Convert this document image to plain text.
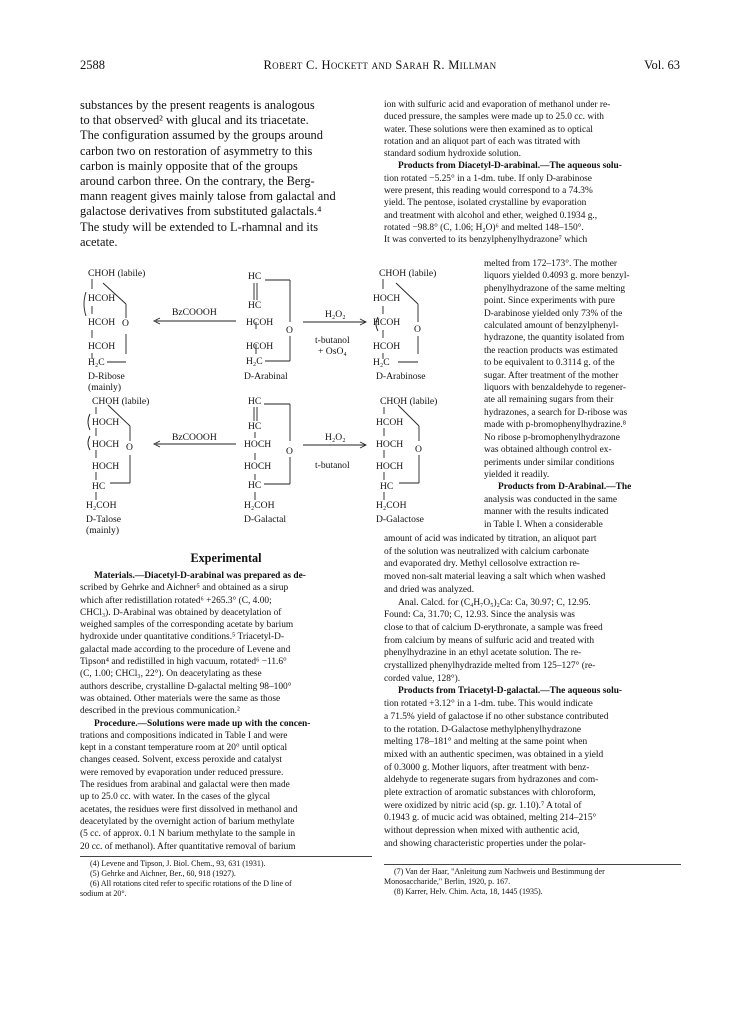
2588	Robert C. Hockett and Sarah R. Millman	Vol. 63
substances by the present reagents is analogous
to that observed² with glucal and its triacetate.
The configuration assumed by the groups around
carbon two on restoration of asymmetry to this
carbon is mainly opposite that of the groups
around carbon three. On the contrary, the Berg-
mann reagent gives mainly talose from galactal and
galactose derivatives from substituted galactals.⁴
The study will be extended to L-rhamnal and its
acetate.
ion with sulfuric acid and evaporation of methanol under re-
duced pressure, the samples were made up to 25.0 cc. with
water. These solutions were then examined as to optical
rotation and an aliquot part of each was titrated with
standard sodium hydroxide solution.
Products from Diacetyl-D-arabinal.—The aqueous solu-
tion rotated −5.25° in a 1-dm. tube. If only D-arabinose
were present, this reading would correspond to a 74.3%
yield. The pentose, isolated crystalline by evaporation
and treatment with alcohol and ether, weighed 0.1934 g.,
rotated −98.8° (C, 1.06; H₂O)⁶ and melted 148–150°.
It was converted to its benzylphenylhydrazone⁷ which
melted from 172–173°. The mother
liquors yielded 0.4093 g. more benzyl-
phenylhydrazone of the same melting
point. Since experiments with pure
D-arabinose yielded only 73% of the
calculated amount of benzylphenyl-
hydrazone, the quantity isolated from
the reaction products was estimated
to be equivalent to 0.3114 g. of the
sugar. After treatment of the mother
liquors with benzaldehyde to regener-
ate all remaining sugars from their
hydrazones, a search for D-ribose was
made with p-bromophenylhydrazine.⁸
No ribose p-bromophenylhydrazone
was obtained although control ex-
periments under similar conditions
yielded it readily.
Products from D-Arabinal.—The
analysis was conducted in the same
manner with the results indicated
in Table I. When a considerable
CHOH (labile)
HCOH
HCOH
HCOH
H₂C
D-Ribose
(mainly)
O
BzCOOOH
HC
HC
HCOH
HCOH
H₂C
D-Arabinal
O
H₂O₂
t-butanol
+ OsO₄
CHOH (labile)
HOCH
HCOH
HCOH
H₂C
D-Arabinose
O
CHOH (labile)
HOCH
HOCH
HOCH
HC
H₂COH
D-Talose
(mainly)
O
BzCOOOH
HC
HC
HOCH
HOCH
HC
H₂COH
D-Galactal
O
H₂O₂
t-butanol
CHOH (labile)
HCOH
HOCH
HOCH
HC
H₂COH
D-Galactose
O
Experimental
Materials.—Diacetyl-D-arabinal was prepared as de-
scribed by Gehrke and Aichner⁵ and obtained as a sirup
which after redistillation rotated⁶ +265.3° (C, 4.00;
CHCl₃). D-Arabinal was obtained by deacetylation of
weighed samples of the corresponding acetate by barium
hydroxide under quantitative conditions.⁵ Triacetyl-D-
galactal made according to the procedure of Levene and
Tipson⁴ and redistilled in high vacuum, rotated⁶ −11.6°
(C, 1.00; CHCl₃, 22°). On deacetylating as these
authors describe, crystalline D-galactal melting 98–100°
was obtained. Other materials were the same as those
described in the previous communication.²
Procedure.—Solutions were made up with the concen-
trations and compositions indicated in Table I and were
kept in a constant temperature room at 20° until optical
changes ceased. Solvent, excess peroxide and catalyst
were removed by evaporation under reduced pressure.
The residues from arabinal and galactal were then made
up to 25.0 cc. with water. In the cases of the glycal
acetates, the residues were first dissolved in methanol and
deacetylated by the overnight action of barium methylate
(5 cc. of approx. 0.1 N barium methylate to the sample in
20 cc. of methanol). After quantitative removal of barium
amount of acid was indicated by titration, an aliquot part
of the solution was neutralized with calcium carbonate
and evaporated dry. Methyl cellosolve extraction re-
moved non-salt material leaving a salt which when washed
and dried was analyzed.
Anal. Calcd. for (C₄H₇O₅)₂Ca: Ca, 30.97; C, 12.95.
Found: Ca, 31.70; C, 12.93. Since the analysis was
close to that of calcium D-erythronate, a sample was freed
from calcium by means of sulfuric acid and treated with
phenylhydrazine in an ethyl acetate solution. The re-
crystallized phenylhydrazide melted from 125–127° (re-
corded value, 128°).
Products from Triacetyl-D-galactal.—The aqueous solu-
tion rotated +3.12° in a 1-dm. tube. This would indicate
a 71.5% yield of galactose if no other substance contributed
to the rotation. D-Galactose methylphenylhydrazone
melting 178–181° and melting at the same point when
mixed with an authentic specimen, was obtained in a yield
of 0.3000 g. Mother liquors, after treatment with benz-
aldehyde to regenerate sugars from hydrazones and com-
plete extraction of aromatic substances with chloroform,
were oxidized by nitric acid (sp. gr. 1.10).⁷ A total of
0.1943 g. of mucic acid was obtained, melting 214–215°
without depression when mixed with authentic acid,
and showing characteristic properties under the polar-
(4) Levene and Tipson, J. Biol. Chem., 93, 631 (1931).
(5) Gehrke and Aichner, Ber., 60, 918 (1927).
(6) All rotations cited refer to specific rotations of the D line of
sodium at 20°.
(7) Van der Haar, "Anleitung zum Nachweis und Bestimmung der
Monosaccharide," Berlin, 1920, p. 167.
(8) Karrer, Helv. Chim. Acta, 18, 1445 (1935).
